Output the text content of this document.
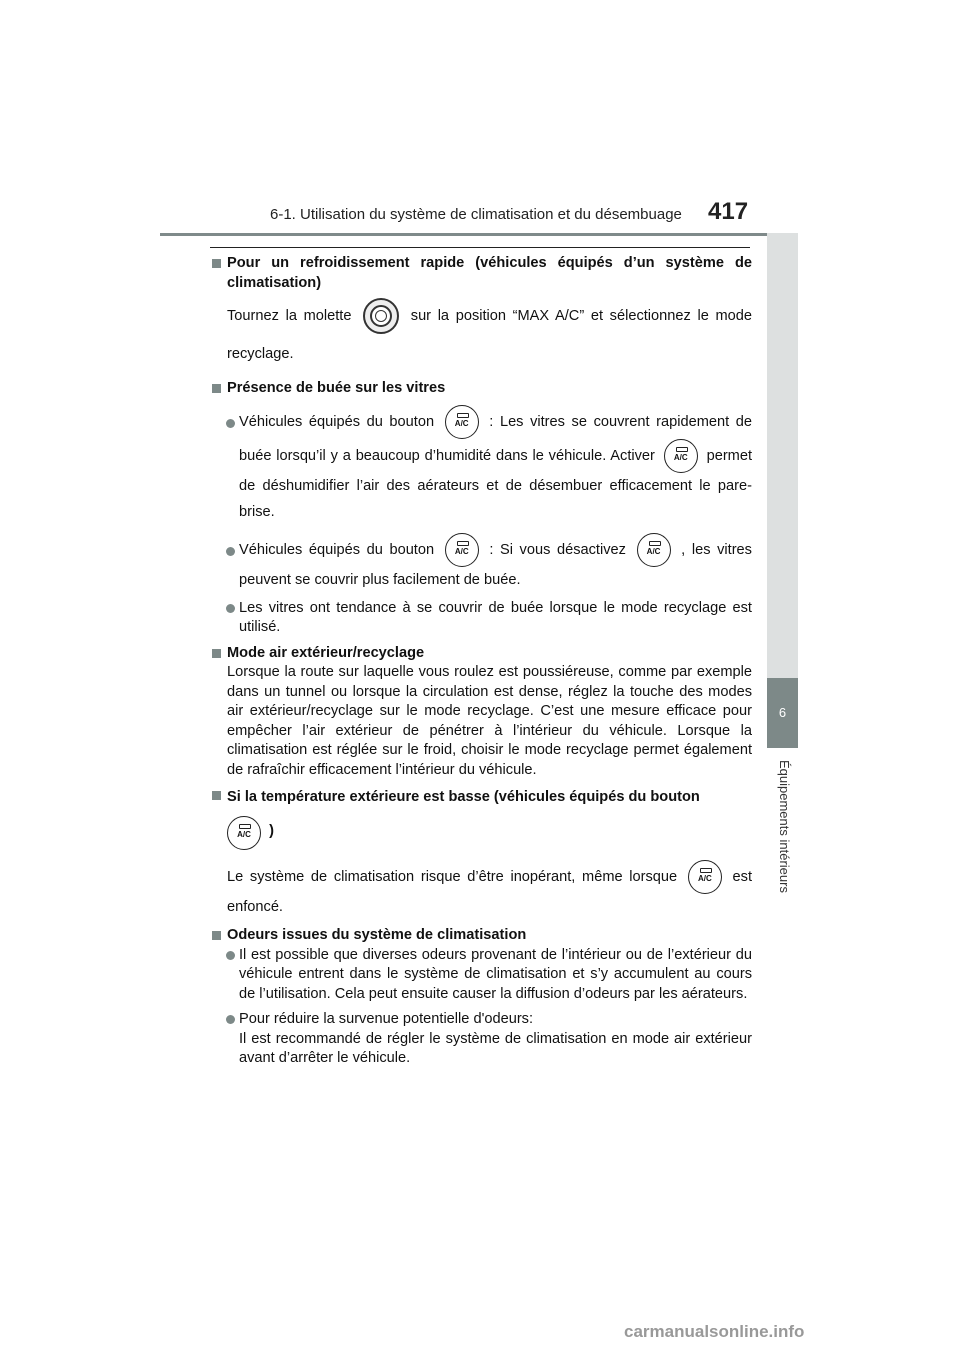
6-1. Utilisation du système de climatisation et du désembuage 417
6
Équipements intérieurs
Pour un refroidissement rapide (véhicules équipés d’un système de climatisation)
Tournez la molette	sur la position “MAX A/C” et sélectionnez le mode recyclage.
Présence de buée sur les vitres
Véhicules équipés du bouton	A/C	: Les vitres se couvrent rapidement de buée lorsqu’il y a beaucoup d’humidité dans le véhicule. Activer	A/C	permet de déshumidifier l’air des aérateurs et de désembuer efficacement le pare-brise.
Véhicules équipés du bouton	A/C	: Si vous désactivez	A/C	, les vitres peuvent se couvrir plus facilement de buée.
Les vitres ont tendance à se couvrir de buée lorsque le mode recyclage est utilisé.
Mode air extérieur/recyclage
Lorsque la route sur laquelle vous roulez est poussiéreuse, comme par exemple dans un tunnel ou lorsque la circulation est dense, réglez la touche des modes air extérieur/recyclage sur le mode recyclage. C’est une mesure efficace pour empêcher l’air extérieur de pénétrer à l’intérieur du véhicule. Lorsque la climatisation est réglée sur le froid, choisir le mode recyclage permet également de rafraîchir efficacement l’intérieur du véhicule.
Si la température extérieure est basse (véhicules équipés du bouton

A/C	)
Le système de climatisation risque d’être inopérant, même lorsque	A/C	est enfoncé.
Odeurs issues du système de climatisation
Il est possible que diverses odeurs provenant de l’intérieur ou de l’extérieur du véhicule entrent dans le système de climatisation et s’y accumulent au cours de l’utilisation. Cela peut ensuite causer la diffusion d’odeurs par les aérateurs.
Pour réduire la survenue potentielle d'odeurs:
Il est recommandé de régler le système de climatisation en mode air extérieur avant d’arrêter le véhicule.
carmanualsonline.info
